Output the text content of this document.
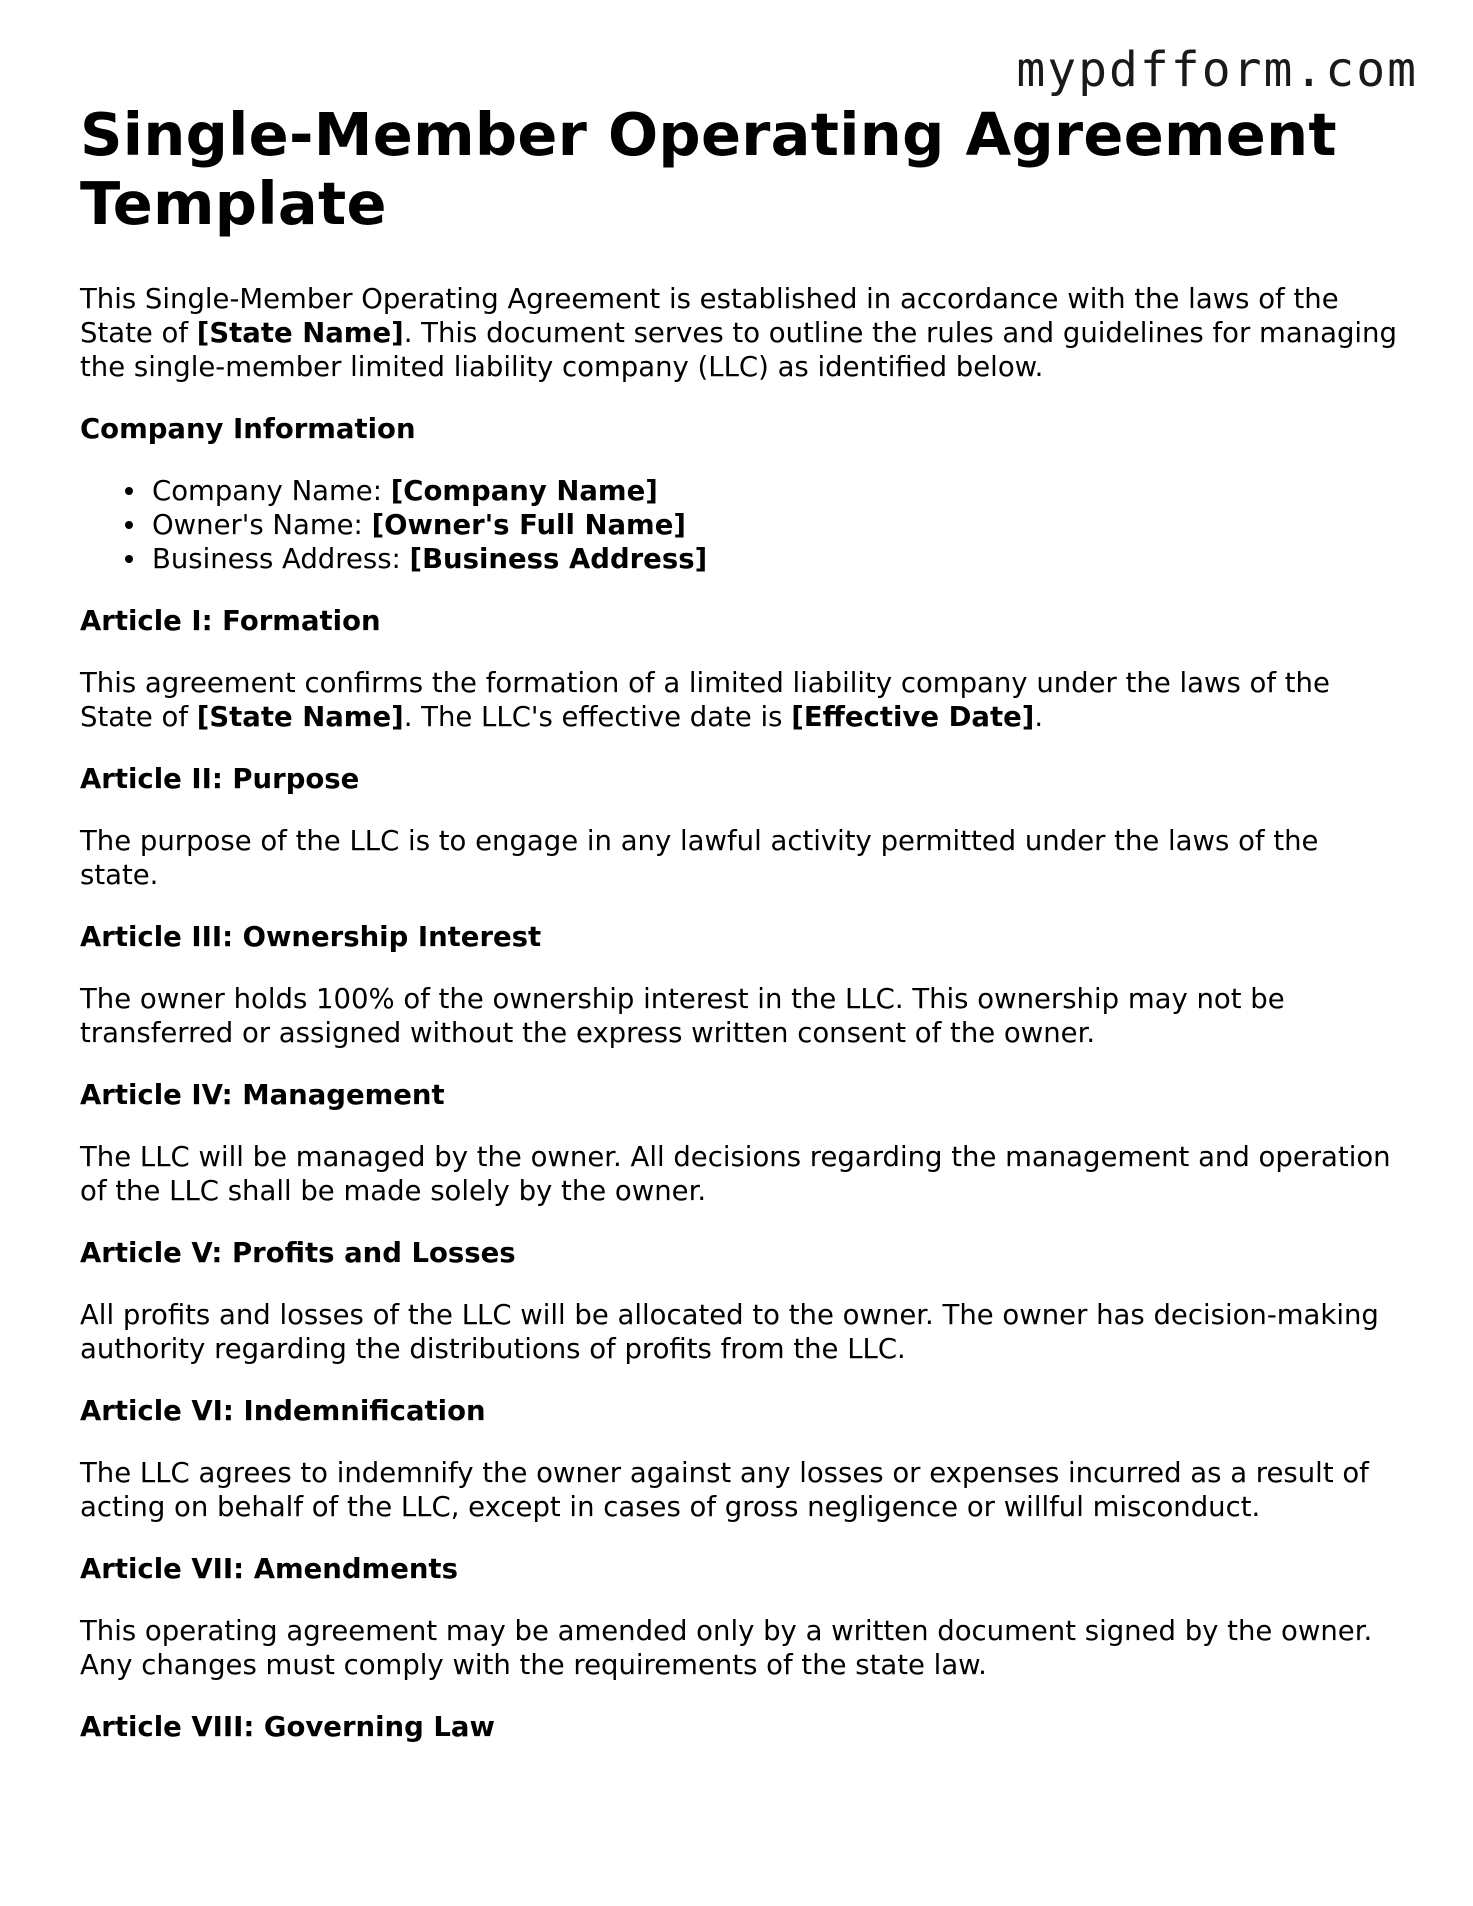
mypdfform.com
Single-Member Operating Agreement Template

This Single-Member Operating Agreement is established in accordance with the laws of the State of [State Name]. This document serves to outline the rules and guidelines for managing the single-member limited liability company (LLC) as identified below.

Company Information
Company Name: [Company Name]
Owner's Name: [Owner's Full Name]
Business Address: [Business Address]
Article I: Formation

This agreement confirms the formation of a limited liability company under the laws of the State of [State Name]. The LLC's effective date is [Effective Date].

Article II: Purpose

The purpose of the LLC is to engage in any lawful activity permitted under the laws of the state.

Article III: Ownership Interest

The owner holds 100% of the ownership interest in the LLC. This ownership may not be transferred or assigned without the express written consent of the owner.

Article IV: Management

The LLC will be managed by the owner. All decisions regarding the management and operation of the LLC shall be made solely by the owner.

Article V: Profits and Losses

All profits and losses of the LLC will be allocated to the owner. The owner has decision-making authority regarding the distributions of profits from the LLC.

Article VI: Indemnification

The LLC agrees to indemnify the owner against any losses or expenses incurred as a result of acting on behalf of the LLC, except in cases of gross negligence or willful misconduct.

Article VII: Amendments

This operating agreement may be amended only by a written document signed by the owner. Any changes must comply with the requirements of the state law.

Article VIII: Governing Law
